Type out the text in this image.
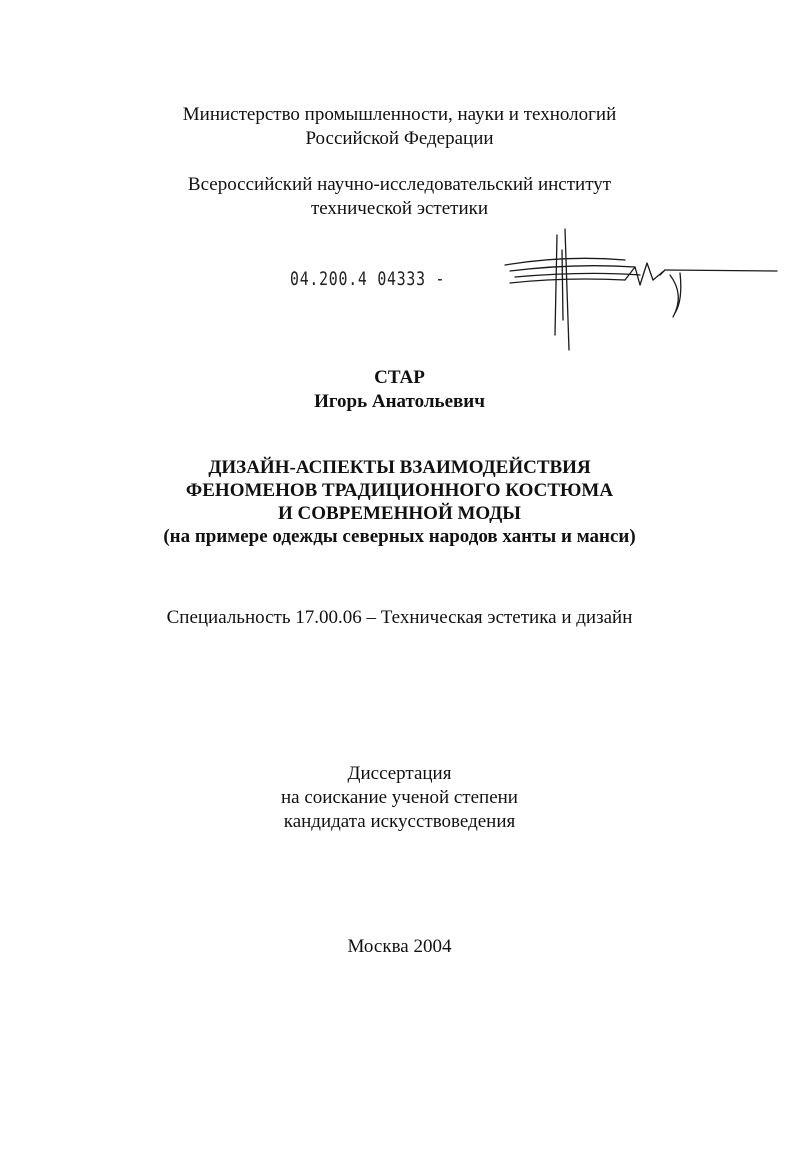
Министерство промышленности, науки и технологий
Российской Федерации
Всероссийский научно-исследовательский институт
технической эстетики
04.200.4 04333 -
СТАР
Игорь Анатольевич
ДИЗАЙН-АСПЕКТЫ ВЗАИМОДЕЙСТВИЯ
ФЕНОМЕНОВ ТРАДИЦИОННОГО КОСТЮМА
И СОВРЕМЕННОЙ МОДЫ
(на примере одежды северных народов ханты и манси)
Специальность 17.00.06 – Техническая эстетика и дизайн
Диссертация
на соискание ученой степени
кандидата искусствоведения
Москва 2004
